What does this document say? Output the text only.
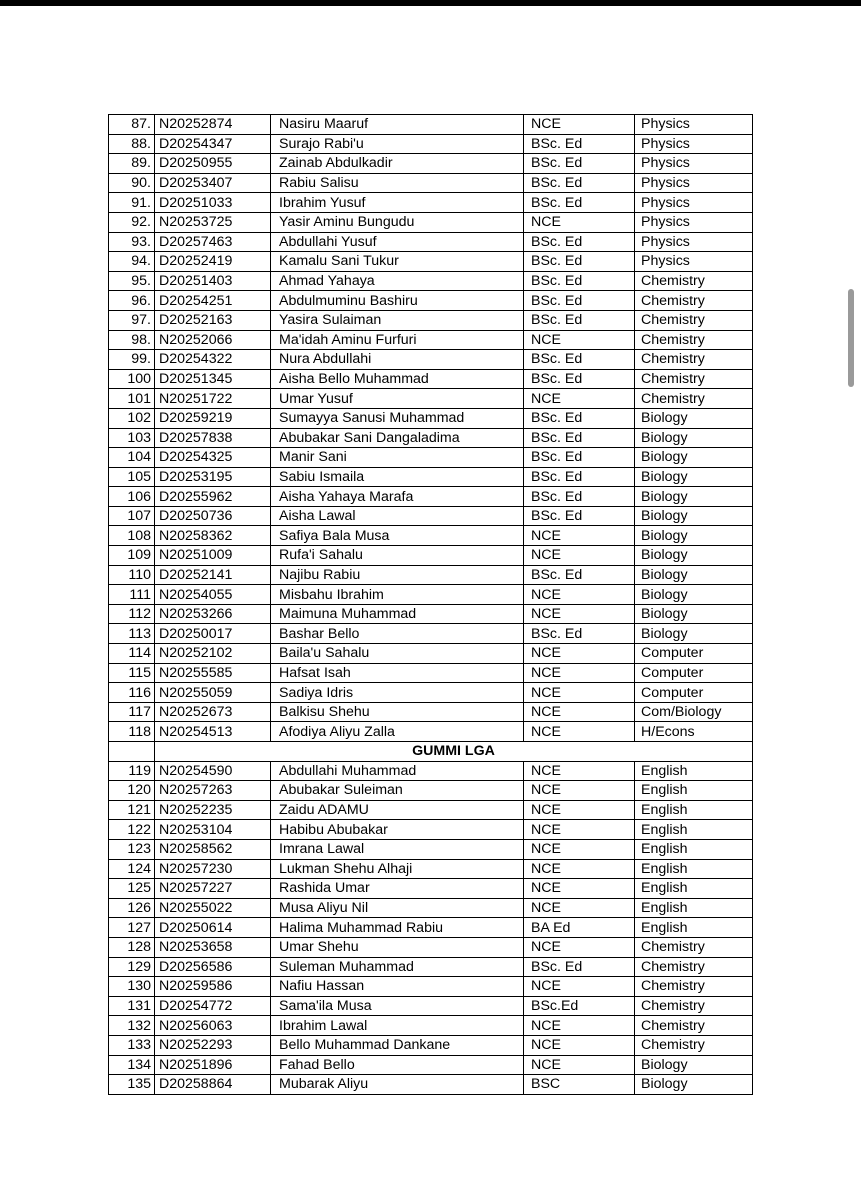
87.	N20252874	Nasiru Maaruf	NCE	Physics
88.	D20254347	Surajo Rabi'u	BSc. Ed	Physics
89.	D20250955	Zainab Abdulkadir	BSc. Ed	Physics
90.	D20253407	Rabiu Salisu	BSc. Ed	Physics
91.	D20251033	Ibrahim Yusuf	BSc. Ed	Physics
92.	N20253725	Yasir Aminu Bungudu	NCE	Physics
93.	D20257463	Abdullahi Yusuf	BSc. Ed	Physics
94.	D20252419	Kamalu Sani Tukur	BSc. Ed	Physics
95.	D20251403	Ahmad Yahaya	BSc. Ed	Chemistry
96.	D20254251	Abdulmuminu Bashiru	BSc. Ed	Chemistry
97.	D20252163	Yasira Sulaiman	BSc. Ed	Chemistry
98.	N20252066	Ma'idah Aminu Furfuri	NCE	Chemistry
99.	D20254322	Nura Abdullahi	BSc. Ed	Chemistry
100	D20251345	Aisha Bello Muhammad	BSc. Ed	Chemistry
101	N20251722	Umar Yusuf	NCE	Chemistry
102	D20259219	Sumayya Sanusi Muhammad	BSc. Ed	Biology
103	D20257838	Abubakar Sani Dangaladima	BSc. Ed	Biology
104	D20254325	Manir Sani	BSc. Ed	Biology
105	D20253195	Sabiu Ismaila	BSc. Ed	Biology
106	D20255962	Aisha Yahaya Marafa	BSc. Ed	Biology
107	D20250736	Aisha Lawal	BSc. Ed	Biology
108	N20258362	Safiya Bala Musa	NCE	Biology
109	N20251009	Rufa'i Sahalu	NCE	Biology
110	D20252141	Najibu Rabiu	BSc. Ed	Biology
111	N20254055	Misbahu Ibrahim	NCE	Biology
112	N20253266	Maimuna Muhammad	NCE	Biology
113	D20250017	Bashar Bello	BSc. Ed	Biology
114	N20252102	Baila'u Sahalu	NCE	Computer
115	N20255585	Hafsat Isah	NCE	Computer
116	N20255059	Sadiya Idris	NCE	Computer
117	N20252673	Balkisu Shehu	NCE	Com/Biology
118	N20254513	Afodiya Aliyu Zalla	NCE	H/Econs
	GUMMI LGA			
119	N20254590	Abdullahi Muhammad	NCE	English
120	N20257263	Abubakar Suleiman	NCE	English
121	N20252235	Zaidu ADAMU	NCE	English
122	N20253104	Habibu Abubakar	NCE	English
123	N20258562	Imrana Lawal	NCE	English
124	N20257230	Lukman Shehu Alhaji	NCE	English
125	N20257227	Rashida Umar	NCE	English
126	N20255022	Musa Aliyu Nil	NCE	English
127	D20250614	Halima Muhammad Rabiu	BA Ed	English
128	N20253658	Umar Shehu	NCE	Chemistry
129	D20256586	Suleman Muhammad	BSc. Ed	Chemistry
130	N20259586	Nafiu Hassan	NCE	Chemistry
131	D20254772	Sama'ila Musa	BSc.Ed	Chemistry
132	N20256063	Ibrahim Lawal	NCE	Chemistry
133	N20252293	Bello Muhammad Dankane	NCE	Chemistry
134	N20251896	Fahad Bello	NCE	Biology
135	D20258864	Mubarak Aliyu	BSC	Biology
